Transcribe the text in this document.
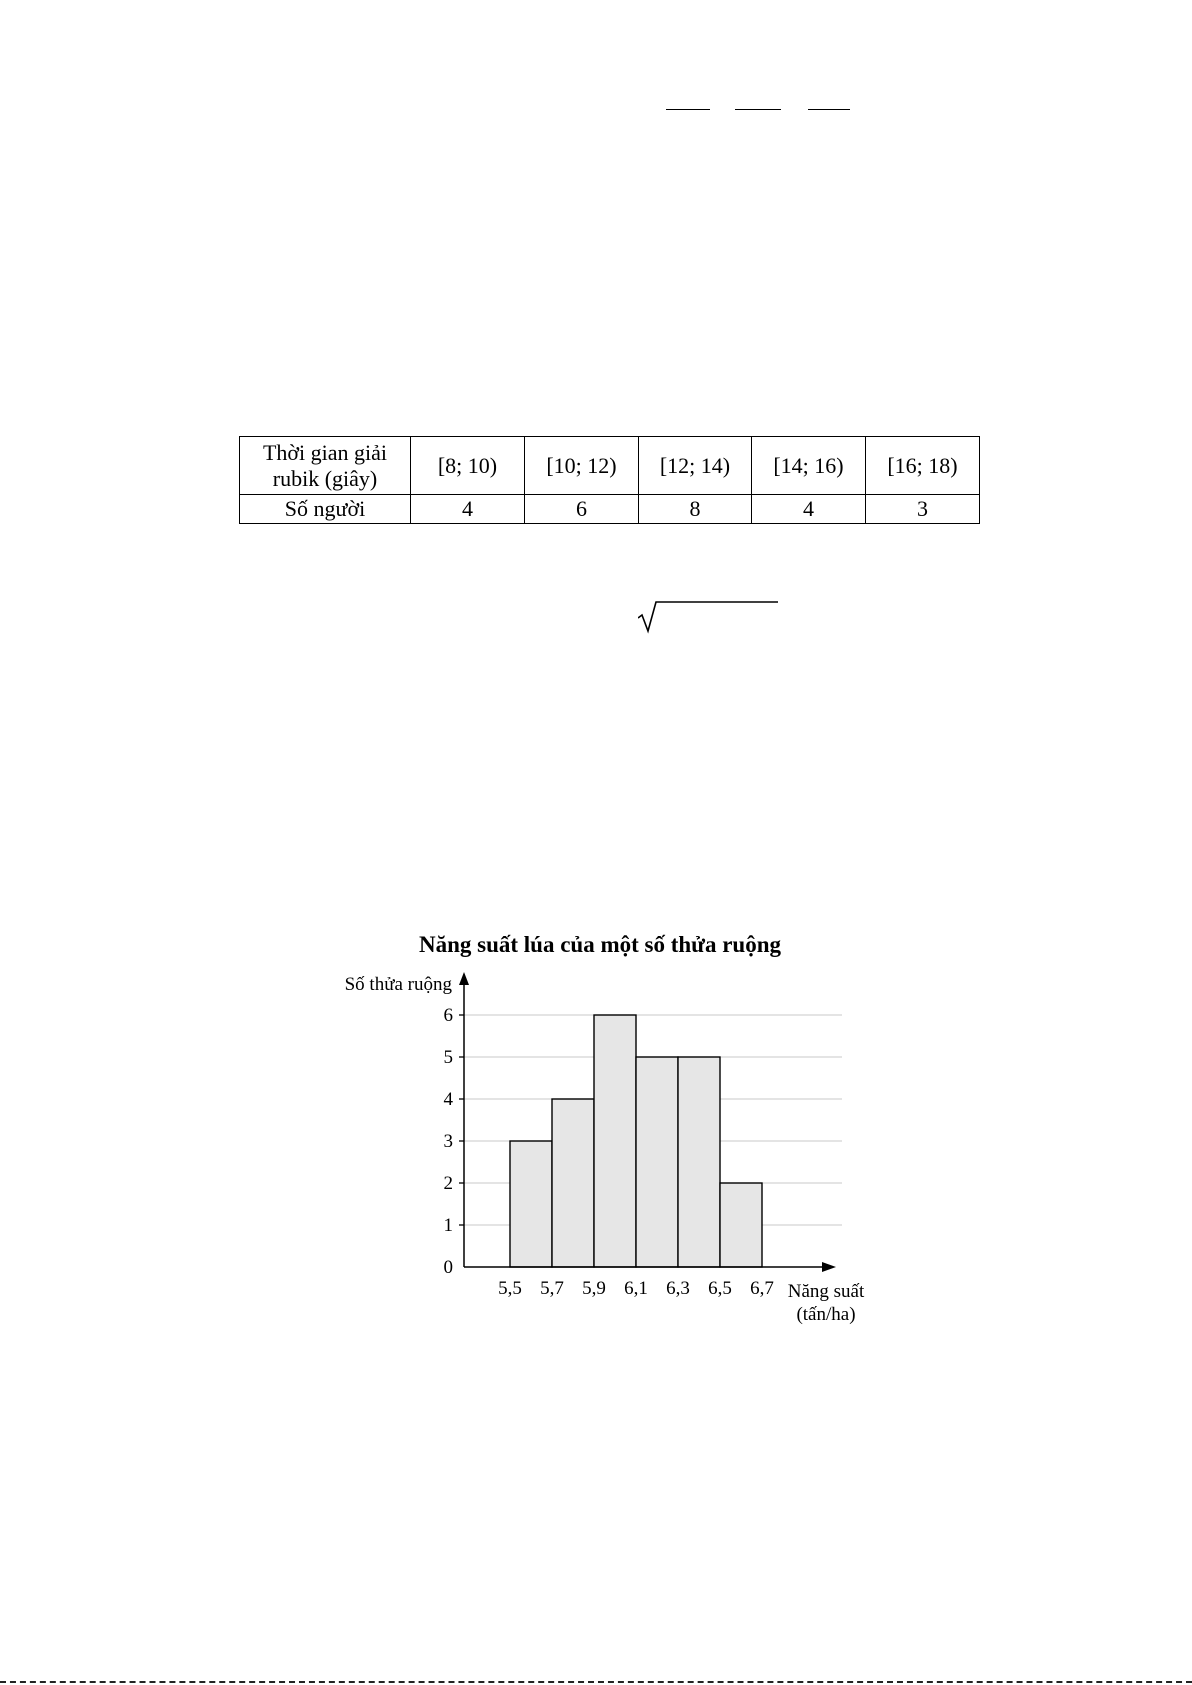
Thời gian giải rubik (giây)	[8; 10)	[10; 12)	[12; 14)	[14; 16)	[16; 18)
Số người	4	6	8	4	3
Năng suất lúa của một số thửa ruộng
0
1
2
3
4
5
6
5,5 5,7 5,9 6,1 6,3 6,5 6,7
Số thửa ruộng
Năng suất
(tấn/ha)
